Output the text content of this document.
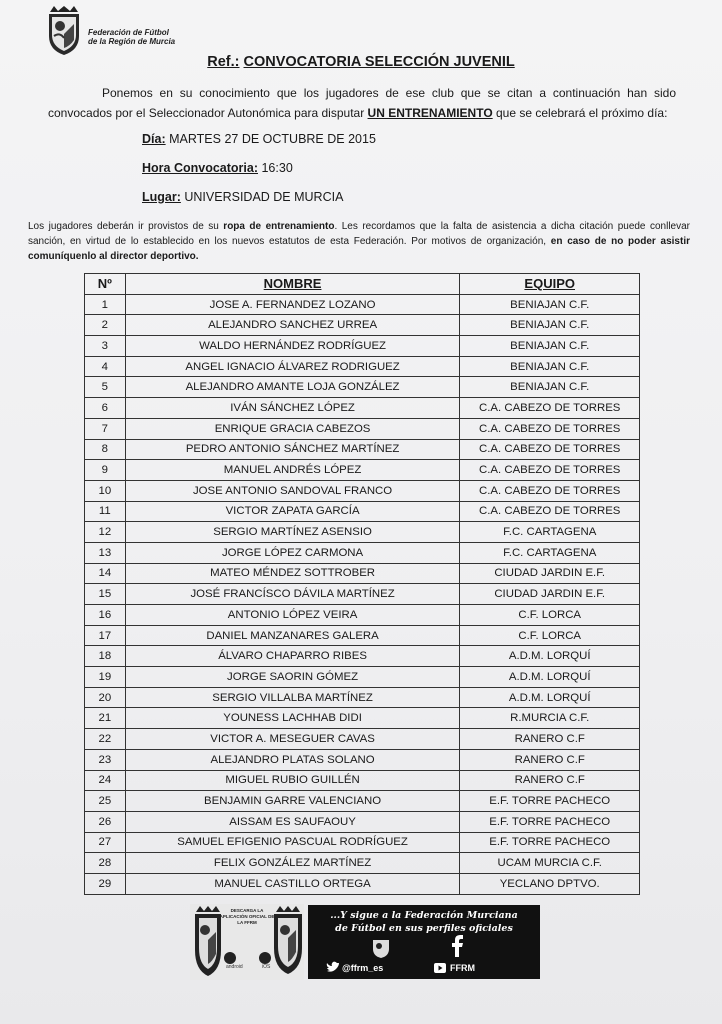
Federación de Fútbol
de la Región de Murcia
Ref.: CONVOCATORIA SELECCIÓN JUVENIL
Ponemos en su conocimiento que los jugadores de ese club que se citan a continuación han sido convocados por el Seleccionador Autonómica para disputar UN ENTRENAMIENTO que se celebrará el próximo día:
Día: MARTES 27 DE OCTUBRE DE 2015
Hora Convocatoria: 16:30
Lugar: UNIVERSIDAD DE MURCIA
Los jugadores deberán ir provistos de su ropa de entrenamiento. Les recordamos que la falta de asistencia a dicha citación puede conllevar sanción, en virtud de lo establecido en los nuevos estatutos de esta Federación. Por motivos de organización, en caso de no poder asistir comuníquenlo al director deportivo.
Nº	NOMBRE	EQUIPO
1	JOSE A. FERNANDEZ LOZANO	BENIAJAN C.F.
2	ALEJANDRO SANCHEZ URREA	BENIAJAN C.F.
3	WALDO HERNÁNDEZ RODRÍGUEZ	BENIAJAN C.F.
4	ANGEL IGNACIO ÁLVAREZ RODRIGUEZ	BENIAJAN C.F.
5	ALEJANDRO AMANTE LOJA GONZÁLEZ	BENIAJAN C.F.
6	IVÁN SÁNCHEZ LÓPEZ	C.A. CABEZO DE TORRES
7	ENRIQUE GRACIA CABEZOS	C.A. CABEZO DE TORRES
8	PEDRO ANTONIO SÁNCHEZ MARTÍNEZ	C.A. CABEZO DE TORRES
9	MANUEL ANDRÉS LÓPEZ	C.A. CABEZO DE TORRES
10	JOSE ANTONIO SANDOVAL FRANCO	C.A. CABEZO DE TORRES
11	VICTOR ZAPATA GARCÍA	C.A. CABEZO DE TORRES
12	SERGIO MARTÍNEZ ASENSIO	F.C. CARTAGENA
13	JORGE LÓPEZ CARMONA	F.C. CARTAGENA
14	MATEO MÉNDEZ SOTTROBER	CIUDAD JARDIN E.F.
15	JOSÉ FRANCÍSCO DÁVILA MARTÍNEZ	CIUDAD JARDIN E.F.
16	ANTONIO LÓPEZ VEIRA	C.F. LORCA
17	DANIEL MANZANARES GALERA	C.F. LORCA
18	ÁLVARO CHAPARRO RIBES	A.D.M. LORQUÍ
19	JORGE SAORIN GÓMEZ	A.D.M. LORQUÍ
20	SERGIO VILLALBA MARTÍNEZ	A.D.M. LORQUÍ
21	YOUNESS LACHHAB DIDI	R.MURCIA C.F.
22	VICTOR A. MESEGUER CAVAS	RANERO C.F
23	ALEJANDRO PLATAS SOLANO	RANERO C.F
24	MIGUEL RUBIO GUILLÉN	RANERO C.F
25	BENJAMIN GARRE VALENCIANO	E.F. TORRE PACHECO
26	AISSAM ES SAUFAOUY	E.F. TORRE PACHECO
27	SAMUEL EFIGENIO PASCUAL RODRÍGUEZ	E.F. TORRE PACHECO
28	FELIX GONZÁLEZ MARTÍNEZ	UCAM MURCIA C.F.
29	MANUEL CASTILLO ORTEGA	YECLANO DPTVO.
DESCARGA LA APLICACIÓN OFICIAL DE LA FFRM
android	iOS
...Y sigue a la Federación Murciana
de Fútbol en sus perfiles oficiales
@ffrm_es	FFRM
